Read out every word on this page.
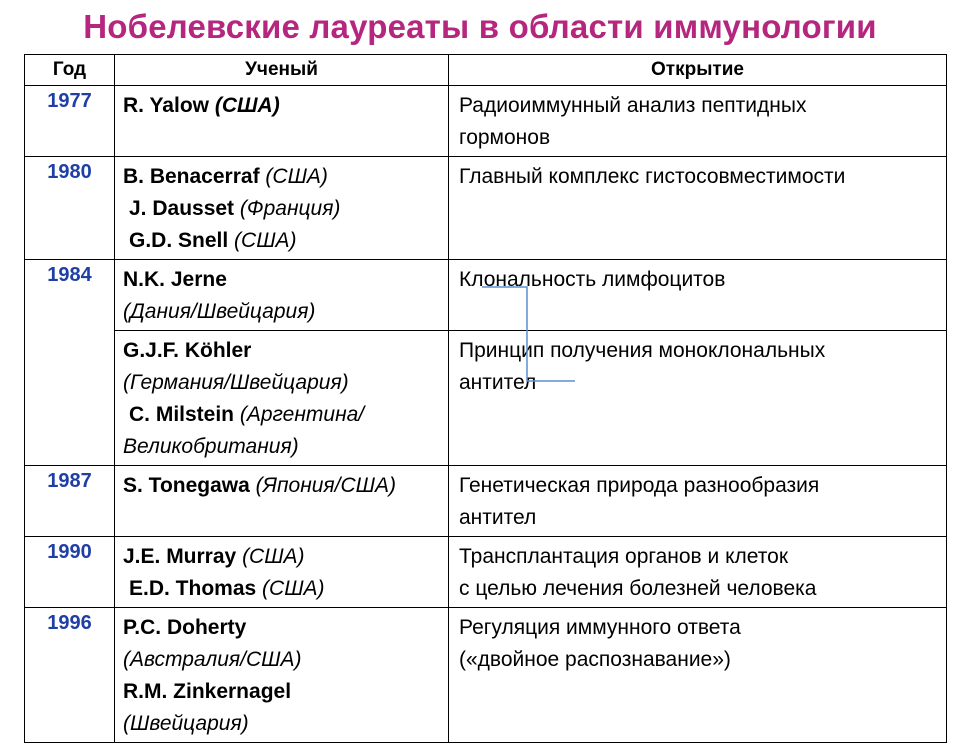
Нобелевские лауреаты в области иммунологии
Год	Ученый	Открытие
1977	R. Yalow (США)	Радиоиммунный анализ пептидных
гормонов

1980	B. Benacerraf (США)
J. Dausset (Франция)
G.D. Snell (США)	Главный комплекс гистосовместимости

1984	N.K. Jerne
(Дания/Швейцария)	Клональность лимфоцитов

	G.J.F. Köhler
(Германия/Швейцария)
C. Milstein (Аргентина/
Великобритания)	Принцип получения моноклональных
антител

1987	S. Tonegawa (Япония/США)	Генетическая природа разнообразия
антител

1990	J.E. Murray (США)
E.D. Thomas (США)	Трансплантация органов и клеток
с целью лечения болезней человека

1996	P.C. Doherty
(Австралия/США)
R.M. Zinkernagel
(Швейцария)	Регуляция иммунного ответа
(«двойное распознавание»)
